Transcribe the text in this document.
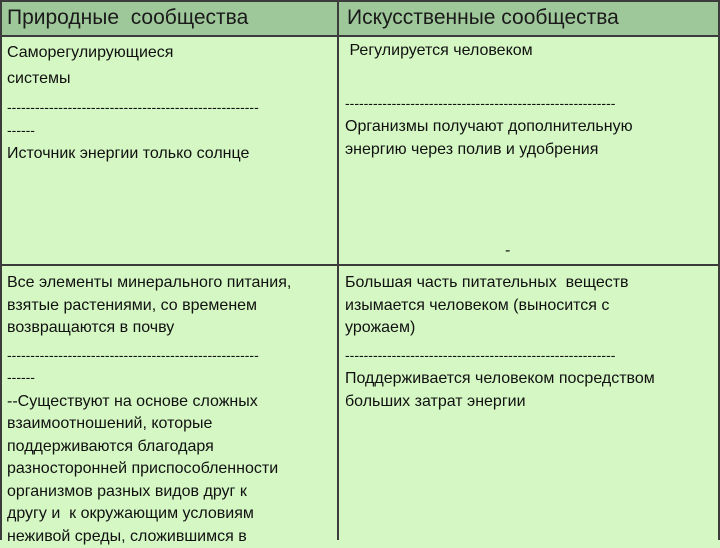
Природные  сообщества	Искусственные сообщества
Саморегулирующиеся
системы
------------------------------------------------------
------
Источник энергии только солнце
Регулируется человеком
----------------------------------------------------------
Организмы получают дополнительную
энергию через полив и удобрения
-
Все элементы минерального питания,
взятые растениями, со временем
возвращаются в почву
------------------------------------------------------
------
--Существуют на основе сложных
взаимоотношений, которые
поддерживаются благодаря
разносторонней приспособленности
организмов разных видов друг к
другу и  к окружающим условиям
неживой среды, сложившимся в
Большая часть питательных  веществ
изымается человеком (выносится с
урожаем)
----------------------------------------------------------
Поддерживается человеком посредством
больших затрат энергии
